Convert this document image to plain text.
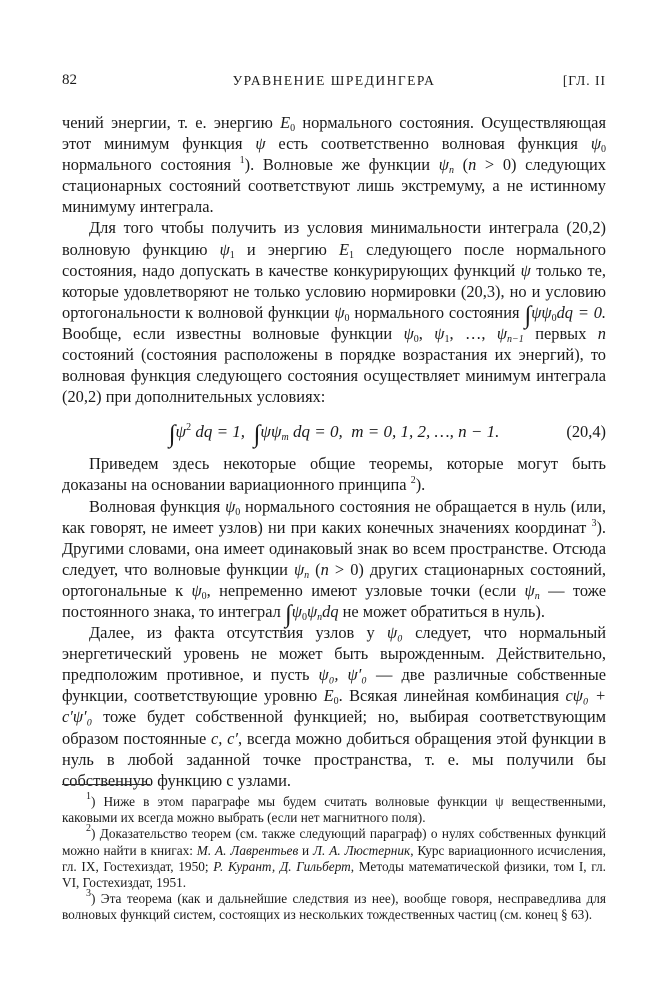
82	УРАВНЕНИЕ ШРЕДИНГЕРА	[ГЛ. II

чений энергии, т. е. энергию $E_0$ нормального состояния. Осуществляющая этот минимум функция ψ есть соответственно волновая функция $\psi_0$ нормального состояния $^1$). Волновые же функции $\psi_n$ (n > 0) следующих стационарных состояний соответствуют лишь экстремуму, а не истинному минимуму интеграла.

Для того чтобы получить из условия минимальности интеграла (20,2) волновую функцию $\psi_1$ и энергию $E_1$ следующего после нормального состояния, надо допускать в качестве конкурирующих функций ψ только те, которые удовлетворяют не только условию нормировки (20,3), но и условию ортогональности к волновой функции $\psi_0$ нормального состояния $\int\psi\psi_0dq = 0$. Вообще, если известны волновые функции $\psi_0$, $\psi_1$, …, $\psi_{n-1}$ первых n состояний (состояния расположены в порядке возрастания их энергий), то волновая функция следующего состояния осуществляет минимум интеграла (20,2) при дополнительных условиях:

$\int\psi^2$ dq = 1, $\int\psi\psi_m$ dq = 0, m = 0, 1, 2, …, n − 1.	(20,4)

Приведем здесь некоторые общие теоремы, которые могут быть доказаны на основании вариационного принципа $^2$).

Волновая функция $\psi_0$ нормального состояния не обращается в нуль (или, как говорят, не имеет узлов) ни при каких конечных значениях координат $^3$). Другими словами, она имеет одинаковый знак во всем пространстве. Отсюда следует, что волновые функции $\psi_n$ (n > 0) других стационарных состояний, ортогональные к $\psi_0$, непременно имеют узловые точки (если $\psi_n$ — тоже постоянного знака, то интеграл $\int\psi_0\psi_ndq$ не может обратиться в нуль).

Далее, из факта отсутствия узлов у ψ₀ следует, что нормальный энергетический уровень не может быть вырожденным. Действительно, предположим противное, и пусть ψ₀, ψ′₀ — две различные собственные функции, соответствующие уровню $E_0$. Всякая линейная комбинация cψ₀ + c′ψ′₀ тоже будет собственной функцией; но, выбирая соответствующим образом постоянные c, c′, всегда можно добиться обращения этой функции в нуль в любой заданной точке пространства, т. е. мы получили бы собственную функцию с узлами.

$^1$) Ниже в этом параграфе мы будем считать волновые функции ψ вещественными, каковыми их всегда можно выбрать (если нет магнитного поля).

$^2$) Доказательство теорем (см. также следующий параграф) о нулях собственных функций можно найти в книгах: М. А. Лаврентьев и Л. А. Люстерник, Курс вариационного исчисления, гл. IX, Гостехиздат, 1950; Р. Курант, Д. Гильберт, Методы математической физики, том I, гл. VI, Гостехиздат, 1951.

$^3$) Эта теорема (как и дальнейшие следствия из нее), вообще говоря, несправедлива для волновых функций систем, состоящих из нескольких тождественных частиц (см. конец § 63).
